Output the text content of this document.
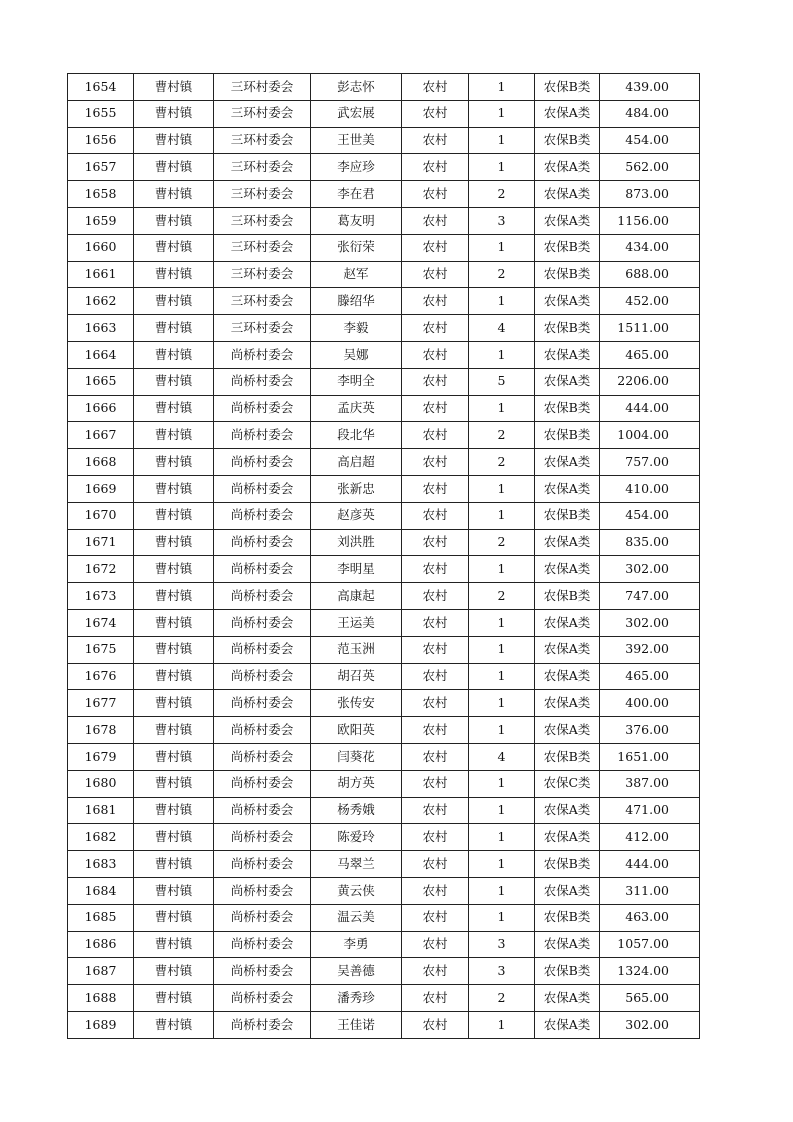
1654	曹村镇	三环村委会	彭志怀	农村	1	农保B类	439.00
1655	曹村镇	三环村委会	武宏展	农村	1	农保A类	484.00
1656	曹村镇	三环村委会	王世美	农村	1	农保B类	454.00
1657	曹村镇	三环村委会	李应珍	农村	1	农保A类	562.00
1658	曹村镇	三环村委会	李在君	农村	2	农保A类	873.00
1659	曹村镇	三环村委会	葛友明	农村	3	农保A类	1156.00
1660	曹村镇	三环村委会	张衍荣	农村	1	农保B类	434.00
1661	曹村镇	三环村委会	赵军	农村	2	农保B类	688.00
1662	曹村镇	三环村委会	滕绍华	农村	1	农保A类	452.00
1663	曹村镇	三环村委会	李毅	农村	4	农保B类	1511.00
1664	曹村镇	尚桥村委会	吴娜	农村	1	农保A类	465.00
1665	曹村镇	尚桥村委会	李明全	农村	5	农保A类	2206.00
1666	曹村镇	尚桥村委会	孟庆英	农村	1	农保B类	444.00
1667	曹村镇	尚桥村委会	段北华	农村	2	农保B类	1004.00
1668	曹村镇	尚桥村委会	高启超	农村	2	农保A类	757.00
1669	曹村镇	尚桥村委会	张新忠	农村	1	农保A类	410.00
1670	曹村镇	尚桥村委会	赵彦英	农村	1	农保B类	454.00
1671	曹村镇	尚桥村委会	刘洪胜	农村	2	农保A类	835.00
1672	曹村镇	尚桥村委会	李明星	农村	1	农保A类	302.00
1673	曹村镇	尚桥村委会	高康起	农村	2	农保B类	747.00
1674	曹村镇	尚桥村委会	王运美	农村	1	农保A类	302.00
1675	曹村镇	尚桥村委会	范玉洲	农村	1	农保A类	392.00
1676	曹村镇	尚桥村委会	胡召英	农村	1	农保A类	465.00
1677	曹村镇	尚桥村委会	张传安	农村	1	农保A类	400.00
1678	曹村镇	尚桥村委会	欧阳英	农村	1	农保A类	376.00
1679	曹村镇	尚桥村委会	闫葵花	农村	4	农保B类	1651.00
1680	曹村镇	尚桥村委会	胡方英	农村	1	农保C类	387.00
1681	曹村镇	尚桥村委会	杨秀娥	农村	1	农保A类	471.00
1682	曹村镇	尚桥村委会	陈爱玲	农村	1	农保A类	412.00
1683	曹村镇	尚桥村委会	马翠兰	农村	1	农保B类	444.00
1684	曹村镇	尚桥村委会	黄云侠	农村	1	农保A类	311.00
1685	曹村镇	尚桥村委会	温云美	农村	1	农保B类	463.00
1686	曹村镇	尚桥村委会	李勇	农村	3	农保A类	1057.00
1687	曹村镇	尚桥村委会	吴善德	农村	3	农保B类	1324.00
1688	曹村镇	尚桥村委会	潘秀珍	农村	2	农保A类	565.00
1689	曹村镇	尚桥村委会	王佳诺	农村	1	农保A类	302.00
